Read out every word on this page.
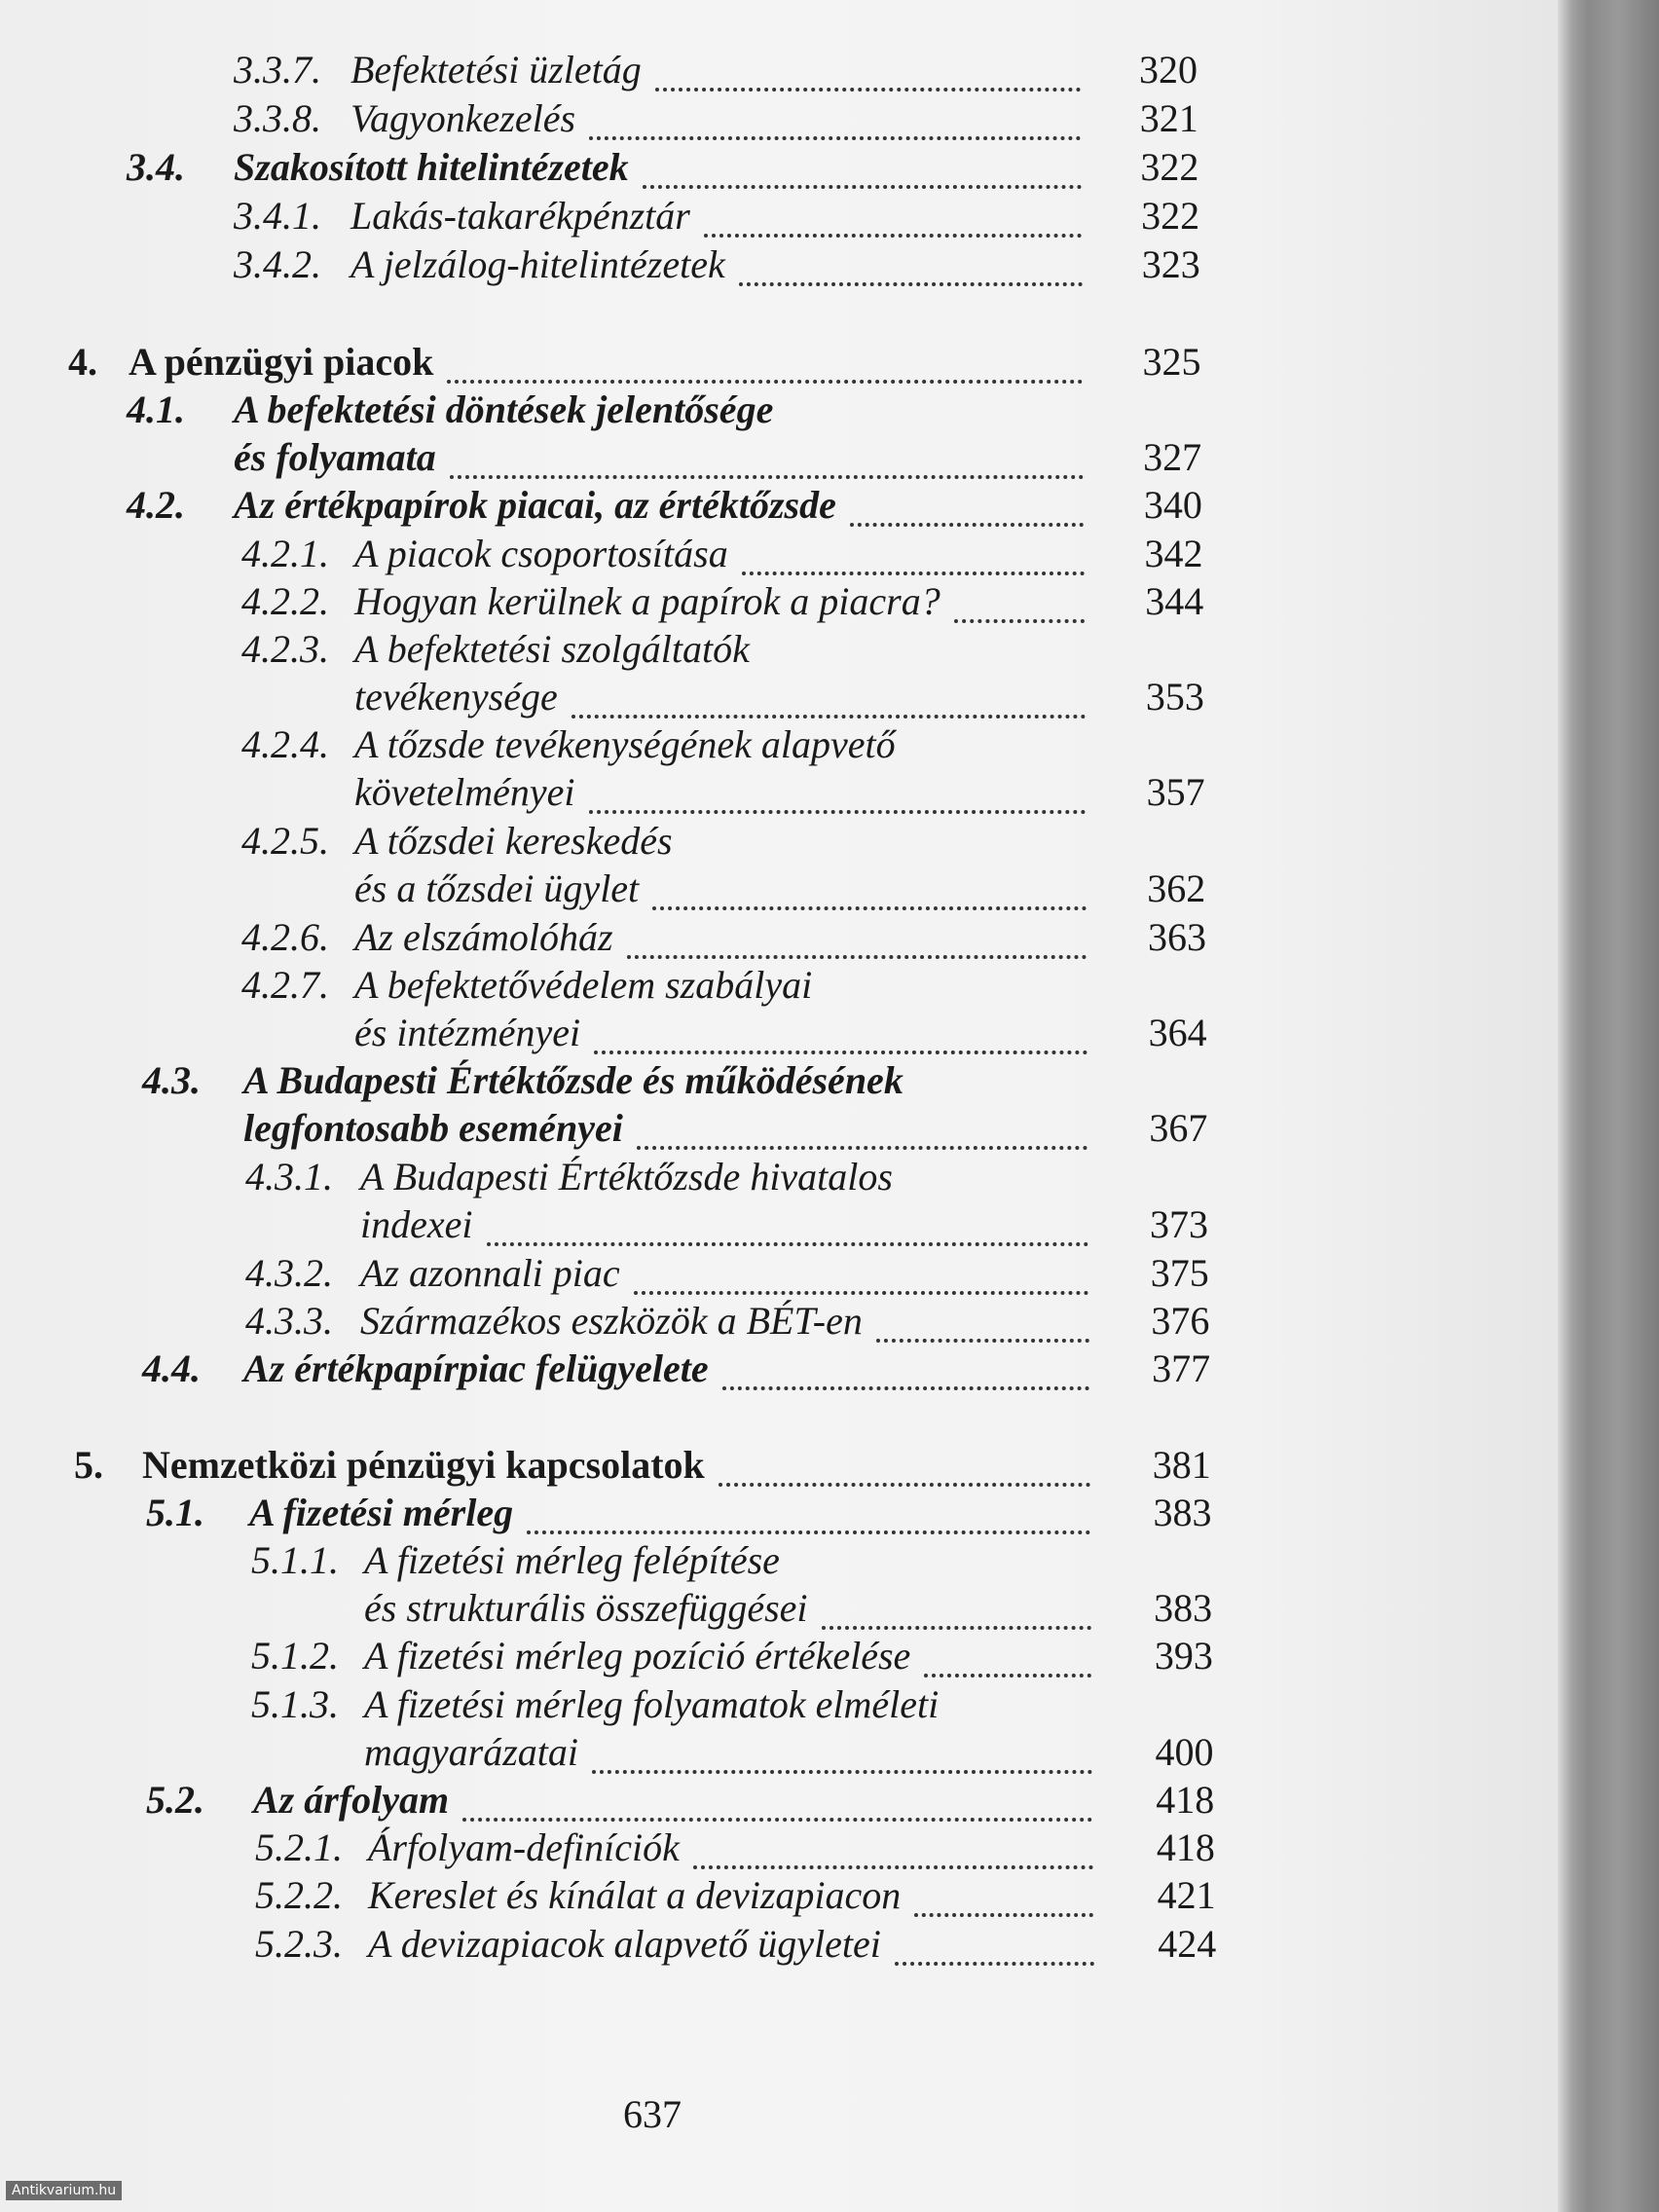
3.3.7. Befektetési üzletág	320
3.3.8. Vagyonkezelés	321
3.4. Szakosított hitelintézetek	322
3.4.1. Lakás-takarékpénztár	322
3.4.2. A jelzálog-hitelintézetek	323
4. A pénzügyi piacok	325
4.1. A befektetési döntések jelentősége
és folyamata	327
4.2. Az értékpapírok piacai, az értéktőzsde	340
4.2.1. A piacok csoportosítása	342
4.2.2. Hogyan kerülnek a papírok a piacra?	344
4.2.3. A befektetési szolgáltatók
tevékenysége	353
4.2.4. A tőzsde tevékenységének alapvető
követelményei	357
4.2.5. A tőzsdei kereskedés
és a tőzsdei ügylet	362
4.2.6. Az elszámolóház	363
4.2.7. A befektetővédelem szabályai
és intézményei	364
4.3. A Budapesti Értéktőzsde és működésének
legfontosabb eseményei	367
4.3.1. A Budapesti Értéktőzsde hivatalos
indexei	373
4.3.2. Az azonnali piac	375
4.3.3. Származékos eszközök a BÉT-en	376
4.4. Az értékpapírpiac felügyelete	377
5. Nemzetközi pénzügyi kapcsolatok	381
5.1. A fizetési mérleg	383
5.1.1. A fizetési mérleg felépítése
és strukturális összefüggései	383
5.1.2. A fizetési mérleg pozíció értékelése	393
5.1.3. A fizetési mérleg folyamatok elméleti
magyarázatai	400
5.2. Az árfolyam	418
5.2.1. Árfolyam-definíciók	418
5.2.2. Kereslet és kínálat a devizapiacon	421
5.2.3. A devizapiacok alapvető ügyletei	424
637
Antikvarium.hu
